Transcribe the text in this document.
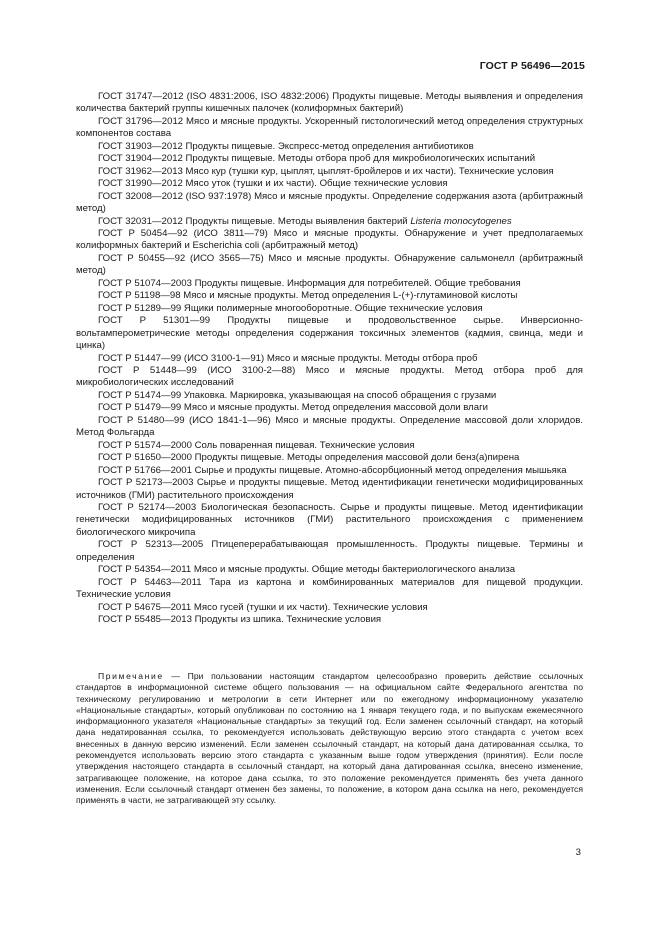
ГОСТ Р 56496—2015

ГОСТ 31747—2012 (ISO 4831:2006, ISO 4832:2006) Продукты пищевые. Методы выявления и определения количества бактерий группы кишечных палочек (колиформных бактерий)

ГОСТ 31796—2012 Мясо и мясные продукты. Ускоренный гистологический метод определения структурных компонентов состава

ГОСТ 31903—2012 Продукты пищевые. Экспресс-метод определения антибиотиков

ГОСТ 31904—2012 Продукты пищевые. Методы отбора проб для микробиологических испытаний

ГОСТ 31962—2013 Мясо кур (тушки кур, цыплят, цыплят-бройлеров и их части). Технические условия

ГОСТ 31990—2012 Мясо уток (тушки и их части). Общие технические условия

ГОСТ 32008—2012 (ISO 937:1978) Мясо и мясные продукты. Определение содержания азота (арбитражный метод)

ГОСТ 32031—2012 Продукты пищевые. Методы выявления бактерий Listeria monocytogenes

ГОСТ Р 50454—92 (ИСО 3811—79) Мясо и мясные продукты. Обнаружение и учет предполагаемых колиформных бактерий и Escherichia coli (арбитражный метод)

ГОСТ Р 50455—92 (ИСО 3565—75) Мясо и мясные продукты. Обнаружение сальмонелл (арбитражный метод)

ГОСТ Р 51074—2003 Продукты пищевые. Информация для потребителей. Общие требования

ГОСТ Р 51198—98 Мясо и мясные продукты. Метод определения L-(+)-глутаминовой кислоты

ГОСТ Р 51289—99 Ящики полимерные многооборотные. Общие технические условия

ГОСТ Р 51301—99 Продукты пищевые и продовольственное сырье. Инверсионно- вольтамперометрические методы определения содержания токсичных элементов (кадмия, свинца, меди и цинка)

ГОСТ Р 51447—99 (ИСО 3100-1—91) Мясо и мясные продукты. Методы отбора проб

ГОСТ Р 51448—99 (ИСО 3100-2—88) Мясо и мясные продукты. Метод отбора проб для микробиологических исследований

ГОСТ Р 51474—99 Упаковка. Маркировка, указывающая на способ обращения с грузами

ГОСТ Р 51479—99 Мясо и мясные продукты. Метод определения массовой доли влаги

ГОСТ Р 51480—99 (ИСО 1841-1—96) Мясо и мясные продукты. Определение массовой доли хлоридов. Метод Фольгарда

ГОСТ Р 51574—2000 Соль поваренная пищевая. Технические условия

ГОСТ Р 51650—2000 Продукты пищевые. Методы определения массовой доли бенз(а)пирена

ГОСТ Р 51766—2001 Сырье и продукты пищевые. Атомно-абсорбционный метод определения мышьяка

ГОСТ Р 52173—2003 Сырье и продукты пищевые. Метод идентификации генетически модифицированных источников (ГМИ) растительного происхождения

ГОСТ Р 52174—2003 Биологическая безопасность. Сырье и продукты пищевые. Метод идентификации генетически модифицированных источников (ГМИ) растительного происхождения с применением биологического микрочипа

ГОСТ Р 52313—2005 Птицеперерабатывающая промышленность. Продукты пищевые. Термины и определения

ГОСТ Р 54354—2011 Мясо и мясные продукты. Общие методы бактериологического анализа

ГОСТ Р 54463—2011 Тара из картона и комбинированных материалов для пищевой продукции. Технические условия

ГОСТ Р 54675—2011 Мясо гусей (тушки и их части). Технические условия

ГОСТ Р 55485—2013 Продукты из шпика. Технические условия

Примечание — При пользовании настоящим стандартом целесообразно проверить действие ссылочных стандартов в информационной системе общего пользования — на официальном сайте Федерального агентства по техническому регулированию и метрологии в сети Интернет или по ежегодному информационному указателю «Национальные стандарты», который опубликован по состоянию на 1 января текущего года, и по выпускам ежемесячного информационного указателя «Национальные стандарты» за текущий год. Если заменен ссылочный стандарт, на который дана недатированная ссылка, то рекомендуется использовать действующую версию этого стандарта с учетом всех внесенных в данную версию изменений. Если заменен ссылочный стандарт, на который дана датированная ссылка, то рекомендуется использовать версию этого стандарта с указанным выше годом утверждения (принятия). Если после утверждения настоящего стандарта в ссылочный стандарт, на который дана датированная ссылка, внесено изменение, затрагивающее положение, на которое дана ссылка, то это положение рекомендуется применять без учета данного изменения. Если ссылочный стандарт отменен без замены, то положение, в котором дана ссылка на него, рекомендуется применять в части, не затрагивающей эту ссылку.

3
